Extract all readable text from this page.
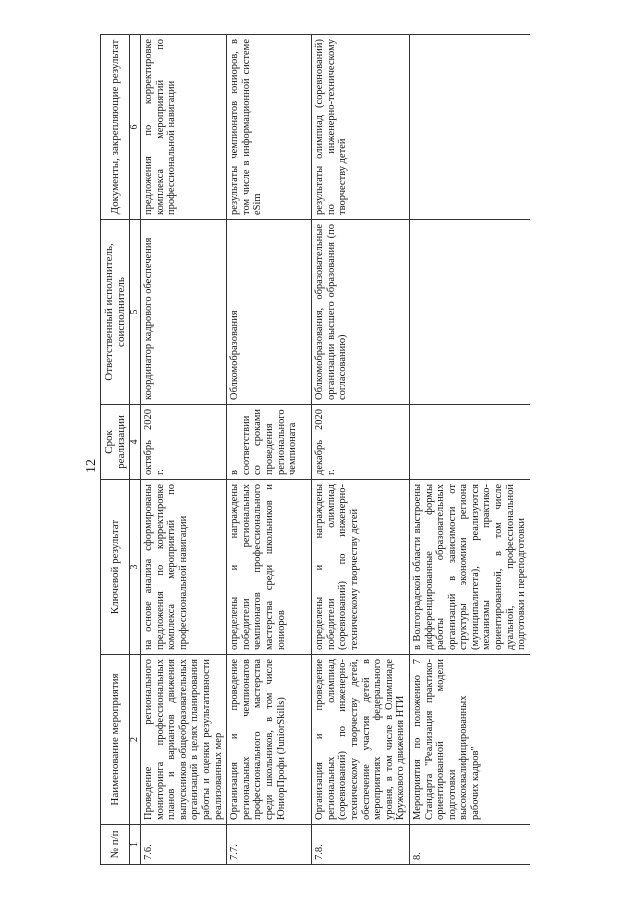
12
№ п/п	Наименование мероприятия	Ключевой результат	Срок реализации	Ответственный исполнитель, соисполнитель	Документы, закрепляющие результат
1	2	3	4	5	6
7.6.	Проведение регионального мониторинга профессиональных планов и вариантов движения выпускников общеобразовательных организаций в целях планирования работы и оценки результативности реализованных мер	на основе анализа сформированы предложения по корректировке комплекса мероприятий по профессиональной навигации	октябрь 2020 г.	координатор кадрового обеспечения	предложения по корректировке комплекса мероприятий по профессиональной навигации
7.7.	Организация и проведение региональных чемпионатов профессионального мастерства среди школьников, в том числе ЮниорПрофи (JuniorSkills)	определены и награждены победители региональных чемпионатов профессионального мастерства среди школьников и юниоров	в соответствии со сроками проведения регионального чемпионата	Облкомобразования	результаты чемпионатов юниоров, в том числе в информационной системе eSim
7.8.	Организация и проведение региональных олимпиад (соревнований) по инженерно-техническому творчеству детей, обеспечение участия детей в мероприятиях федерального уровня, в том числе в Олимпиаде Кружкового движения НТИ	определены и награждены победители олимпиад (соревнований) по инженерно-техническому творчеству детей	декабрь 2020 г.	Облкомобразования, образовательные организации высшего образования (по согласованию)	результаты олимпиад (соревнований) по инженерно-техническому творчеству детей
8.	Мероприятия по положению 7 Стандарта "Реализация практико-ориентированной модели подготовки высококвалифицированных рабочих кадров"	в Волгоградской области выстроены дифференцированные формы работы образовательных организаций в зависимости от структуры экономики региона (муниципалитета), реализуются механизмы практико-ориентированной, в том числе дуальной, профессиональной подготовки и переподготовки			
